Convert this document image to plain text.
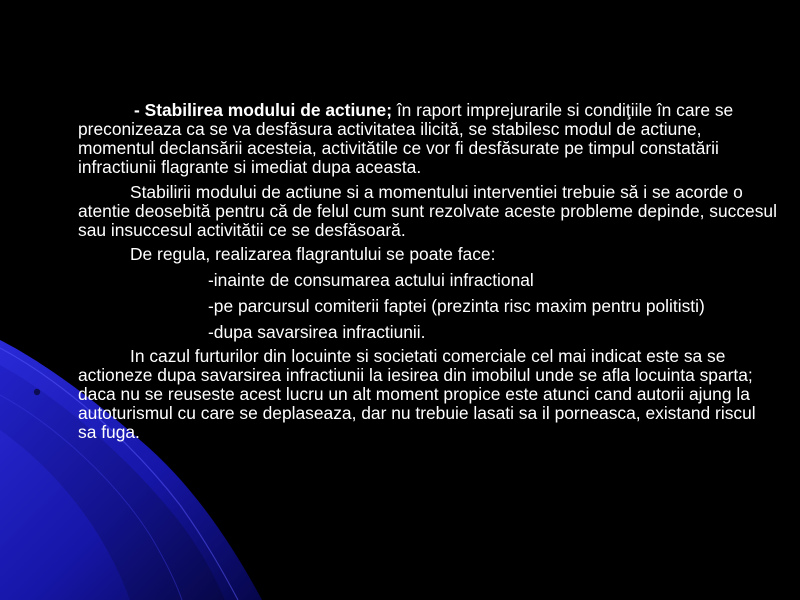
- Stabilirea modului de actiune; în raport imprejurarile si condiţiile în care se preconizeaza ca se va desfăsura activitatea ilicită, se stabilesc modul de actiune, momentul declansării acesteia, activitătile ce vor fi desfăsurate pe timpul constatării infractiunii flagrante si imediat dupa aceasta.

Stabilirii modului de actiune si a momentului interventiei trebuie să i se acorde o atentie deosebită pentru că de felul cum sunt rezolvate aceste probleme depinde, succesul sau insuccesul activitătii ce se desfăsoară.

De regula, realizarea flagrantului se poate face:

-inainte de consumarea actului infractional

-pe parcursul comiterii faptei (prezinta risc maxim pentru politisti)

-dupa savarsirea infractiunii.

In cazul furturilor din locuinte si societati comerciale cel mai indicat este sa se actioneze dupa savarsirea infractiunii la iesirea din imobilul unde se afla locuinta sparta; daca nu se reuseste acest lucru un alt moment propice este atunci cand autorii ajung la autoturismul cu care se deplaseaza, dar nu trebuie lasati sa il porneasca, existand riscul sa fuga.
